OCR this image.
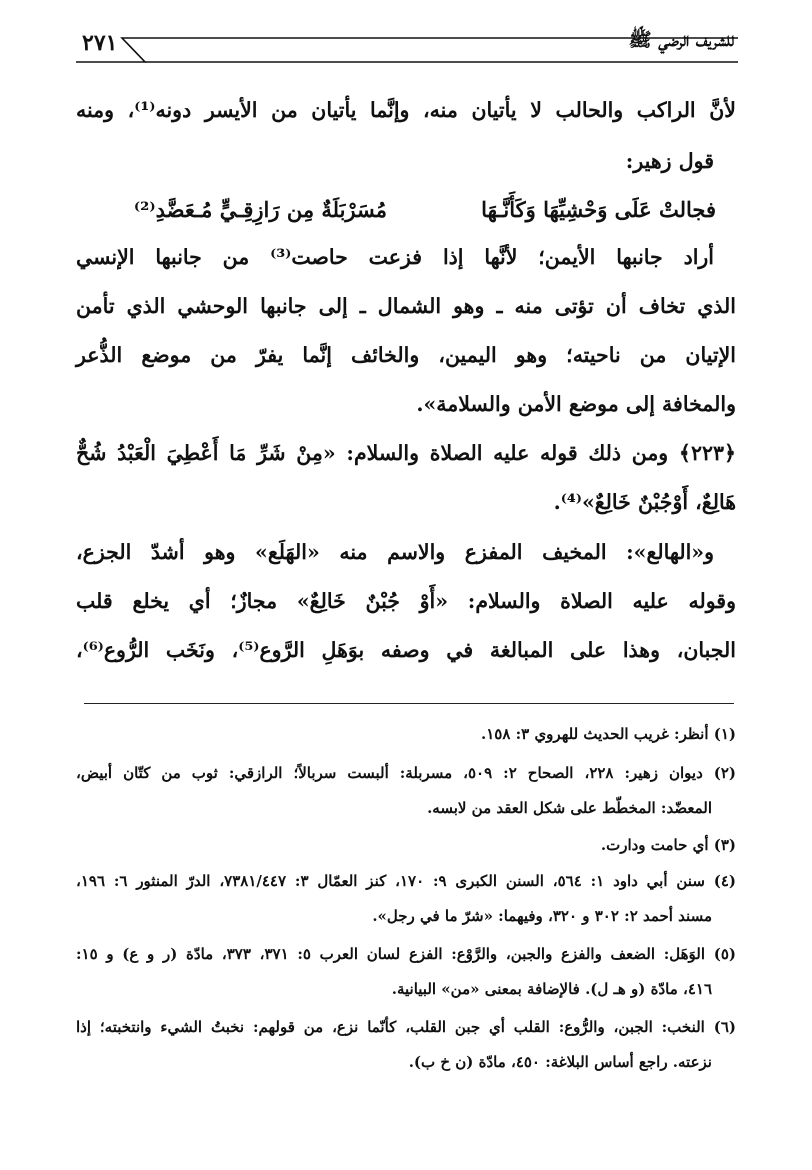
للشريف الرضي ﷺ
٢٧١
لأنَّ الراكب والحالب لا يأتيان منه، وإنَّما يأتيان من الأيسر دونه⁽¹⁾، ومنه
قول زهير:
فجالتْ عَلَى وَحْشِيِّهَا وَكَأَنَّـهَا
مُسَرْبَلَةٌ مِن رَازِقِـيٍّ مُـعَضَّدِ⁽²⁾
أراد جانبها الأيمن؛ لأنَّها إذا فزعت حاصت⁽³⁾ من جانبها الإنسي
الذي تخاف أن تؤتى منه ـ وهو الشمال ـ إلى جانبها الوحشي الذي تأمن
الإتيان من ناحيته؛ وهو اليمين، والخائف إنَّما يفرّ من موضع الذُّعر
والمخافة إلى موضع الأمن والسلامة».
﴿٢٢٣﴾ ومن ذلك قوله عليه الصلاة والسلام: «مِنْ شَرِّ مَا أَعْطِيَ الْعَبْدُ شُحٌّ
هَالِعٌ، أَوْجُبْنٌ خَالِعٌ»⁽⁴⁾.
و«الهالع»: المخيف المفزع والاسم منه «الهَلَع» وهو أشدّ الجزع،
وقوله عليه الصلاة والسلام: «أَوْ جُبْنٌ خَالِعٌ» مجازٌ؛ أي يخلع قلب
الجبان، وهذا على المبالغة في وصفه بوَهَلِ الرَّوع⁽⁵⁾، ونَخَب الرُّوع⁽⁶⁾،
(١) أنظر: غريب الحديث للهروي ٣: ١٥٨.
(٢) ديوان زهير: ٢٢٨، الصحاح ٢: ٥٠٩، مسربلة: ألبست سربالاً؛ الرازقي: ثوب من كتّان أبيض،
المعضّد: المخطّط على شكل العقد من لابسه.
(٣) أي حامت ودارت.
(٤) سنن أبي داود ١: ٥٦٤، السنن الكبرى ٩: ١٧٠، كنز العمّال ٣: ٧٣٨١/٤٤٧، الدرّ المنثور ٦: ١٩٦،
مسند أحمد ٢: ٣٠٢ و ٣٢٠، وفيهما: «شرّ ما في رجل».
(٥) الوَهَل: الضعف والفزع والجبن، والرَّوْع: الفزع لسان العرب ٥: ٣٧١، ٣٧٣، مادّة (ر و ع) و ١٥:
٤١٦، مادّة (و هـ ل). فالإضافة بمعنى «من» البيانية.
(٦) النخب: الجبن، والرُّوع: القلب أي جبن القلب، كأنّما نزع، من قولهم: نخبتُ الشيء وانتخبته؛ إذا
نزعته. راجع أساس البلاغة: ٤٥٠، مادّة (ن خ ب).
